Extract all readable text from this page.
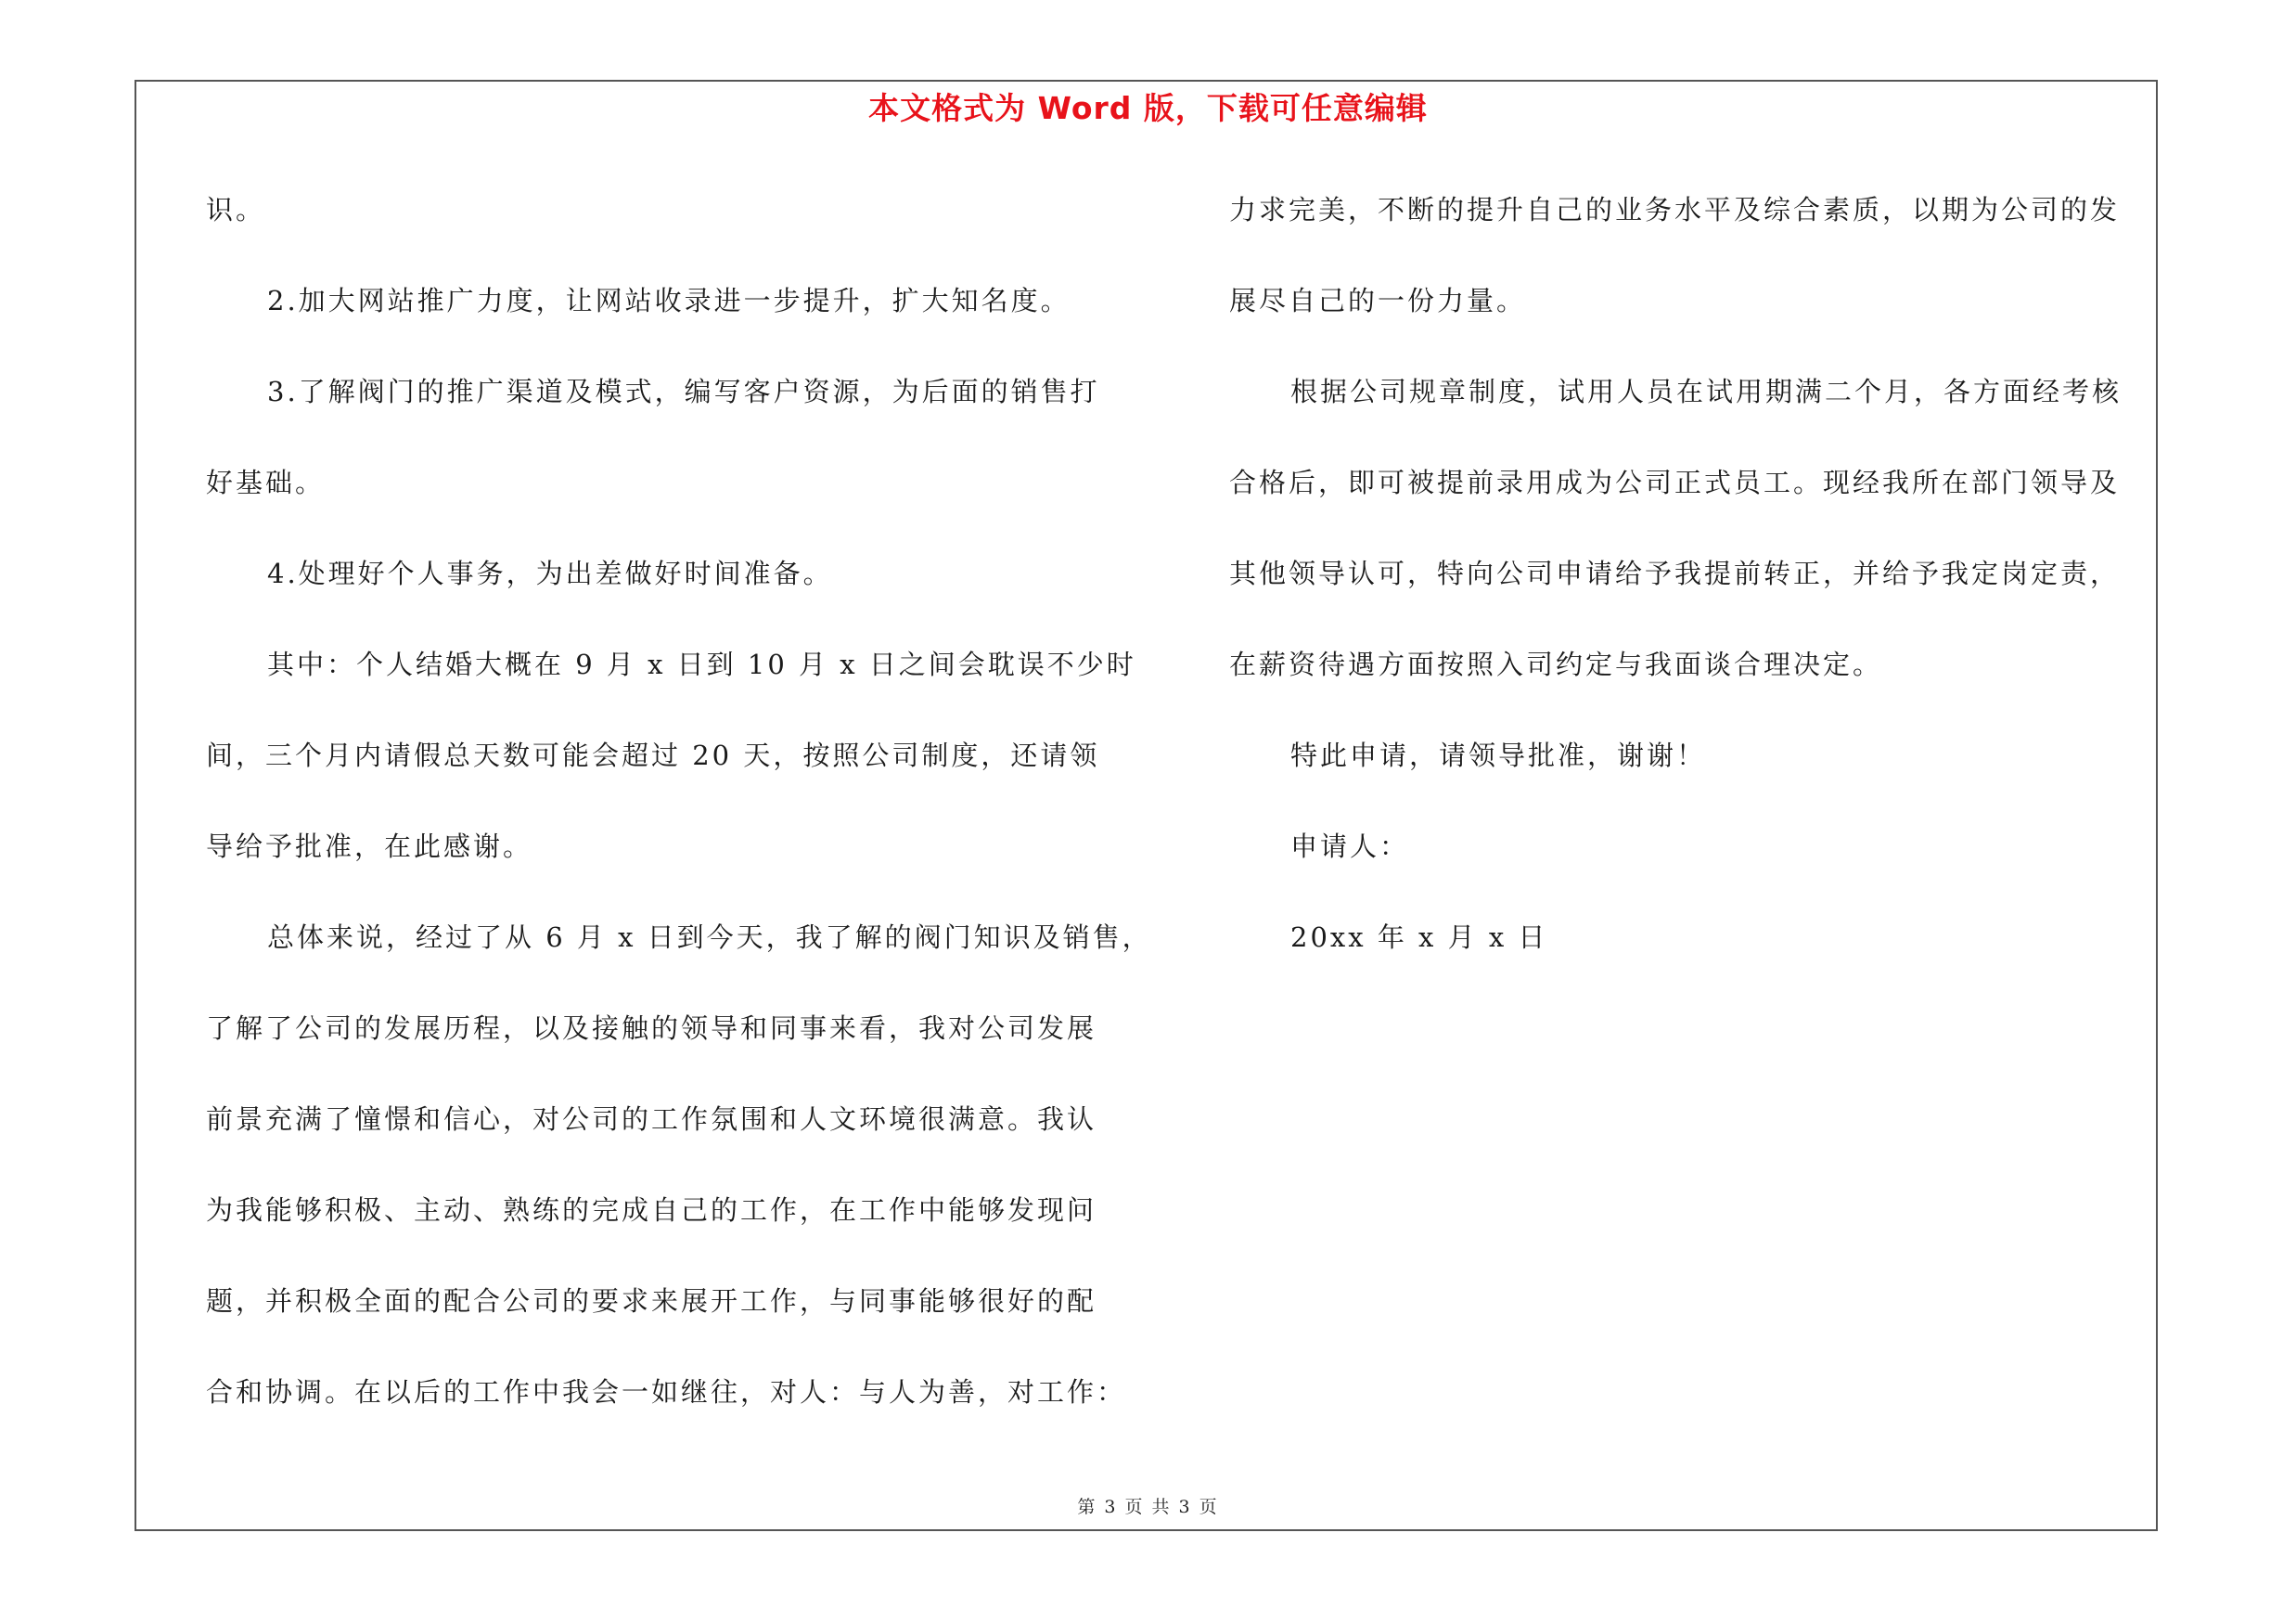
本文格式为 Word 版，下载可任意编辑
识。
2.加大网站推广力度，让网站收录进一步提升，扩大知名度。
3.了解阀门的推广渠道及模式，编写客户资源，为后面的销售打
好基础。
4.处理好个人事务，为出差做好时间准备。
其中：个人结婚大概在 9 月 x 日到 10 月 x 日之间会耽误不少时
间，三个月内请假总天数可能会超过 20 天，按照公司制度，还请领
导给予批准，在此感谢。
总体来说，经过了从 6 月 x 日到今天，我了解的阀门知识及销售，
了解了公司的发展历程，以及接触的领导和同事来看，我对公司发展
前景充满了憧憬和信心，对公司的工作氛围和人文环境很满意。我认
为我能够积极、主动、熟练的完成自己的工作，在工作中能够发现问
题，并积极全面的配合公司的要求来展开工作，与同事能够很好的配
合和协调。在以后的工作中我会一如继往，对人：与人为善，对工作：
力求完美，不断的提升自己的业务水平及综合素质，以期为公司的发
展尽自己的一份力量。
根据公司规章制度，试用人员在试用期满二个月，各方面经考核
合格后，即可被提前录用成为公司正式员工。现经我所在部门领导及
其他领导认可，特向公司申请给予我提前转正，并给予我定岗定责，
在薪资待遇方面按照入司约定与我面谈合理决定。
特此申请，请领导批准，谢谢！
申请人：
20xx 年 x 月 x 日
第 3 页 共 3 页
